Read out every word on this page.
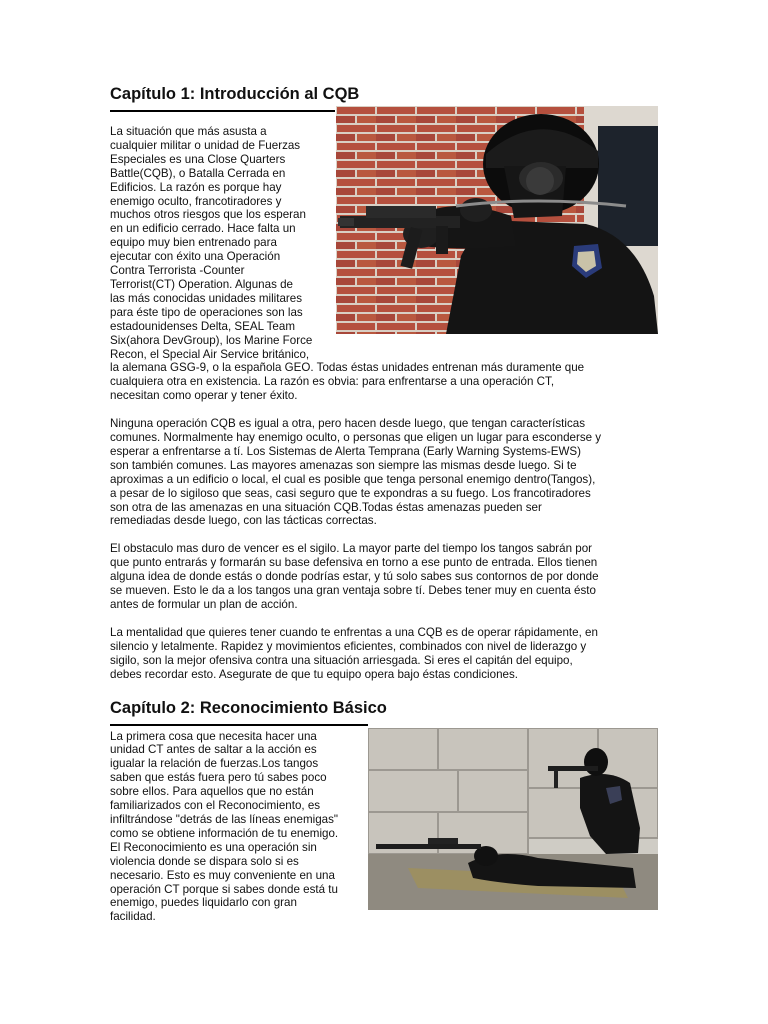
Capítulo 1: Introducción al CQB

La situación que más asusta a

cualquier militar o unidad de Fuerzas

Especiales es una Close Quarters

Battle(CQB), o Batalla Cerrada en

Edificios. La razón es porque hay

enemigo oculto, francotiradores y

muchos otros riesgos que los esperan

en un edificio cerrado. Hace falta un

equipo muy bien entrenado para

ejecutar con éxito una Operación

Contra Terrorista -Counter

Terrorist(CT) Operation. Algunas de

las más conocidas unidades militares

para éste tipo de operaciones son las

estadounidenses Delta, SEAL Team

Six(ahora DevGroup), los Marine Force

Recon, el Special Air Service británico,

la alemana GSG-9, o la española GEO. Todas éstas unidades entrenan más duramente que

cualquiera otra en existencia. La razón es obvia: para enfrentarse a una operación CT,

necesitan como operar y tener éxito.

Ninguna operación CQB es igual a otra, pero hacen desde luego, que tengan características

comunes. Normalmente hay enemigo oculto, o personas que eligen un lugar para esconderse y

esperar a enfrentarse a tí. Los Sistemas de Alerta Temprana (Early Warning Systems-EWS)

son también comunes. Las mayores amenazas son siempre las mismas desde luego. Si te

aproximas a un edificio o local, el cual es posible que tenga personal enemigo dentro(Tangos),

a pesar de lo sigiloso que seas, casi seguro que te expondras a su fuego. Los francotiradores

son otra de las amenazas en una situación CQB.Todas éstas amenazas pueden ser

remediadas desde luego, con las tácticas correctas.

El obstaculo mas duro de vencer es el sigilo. La mayor parte del tiempo los tangos sabrán por

que punto entrarás y formarán su base defensiva en torno a ese punto de entrada. Ellos tienen

alguna idea de donde estás o donde podrías estar, y tú solo sabes sus contornos de por donde

se mueven. Esto le da a los tangos una gran ventaja sobre tí. Debes tener muy en cuenta ésto

antes de formular un plan de acción.

La mentalidad que quieres tener cuando te enfrentas a una CQB es de operar rápidamente, en

silencio y letalmente. Rapidez y movimientos eficientes, combinados con nivel de liderazgo y

sigilo, son la mejor ofensiva contra una situación arriesgada. Si eres el capitán del equipo,

debes recordar esto. Asegurate de que tu equipo opera bajo éstas condiciones.

Capítulo 2: Reconocimiento Básico

La primera cosa que necesita hacer una

unidad CT antes de saltar a la acción es

igualar la relación de fuerzas.Los tangos

saben que estás fuera pero tú sabes poco

sobre ellos. Para aquellos que no están

familiarizados con el Reconocimiento, es

infiltrándose "detrás de las líneas enemigas"

como se obtiene información de tu enemigo.

El Reconocimiento es una operación sin

violencia donde se dispara solo si es

necesario. Esto es muy conveniente en una

operación CT porque si sabes donde está tu

enemigo, puedes liquidarlo con gran

facilidad.
